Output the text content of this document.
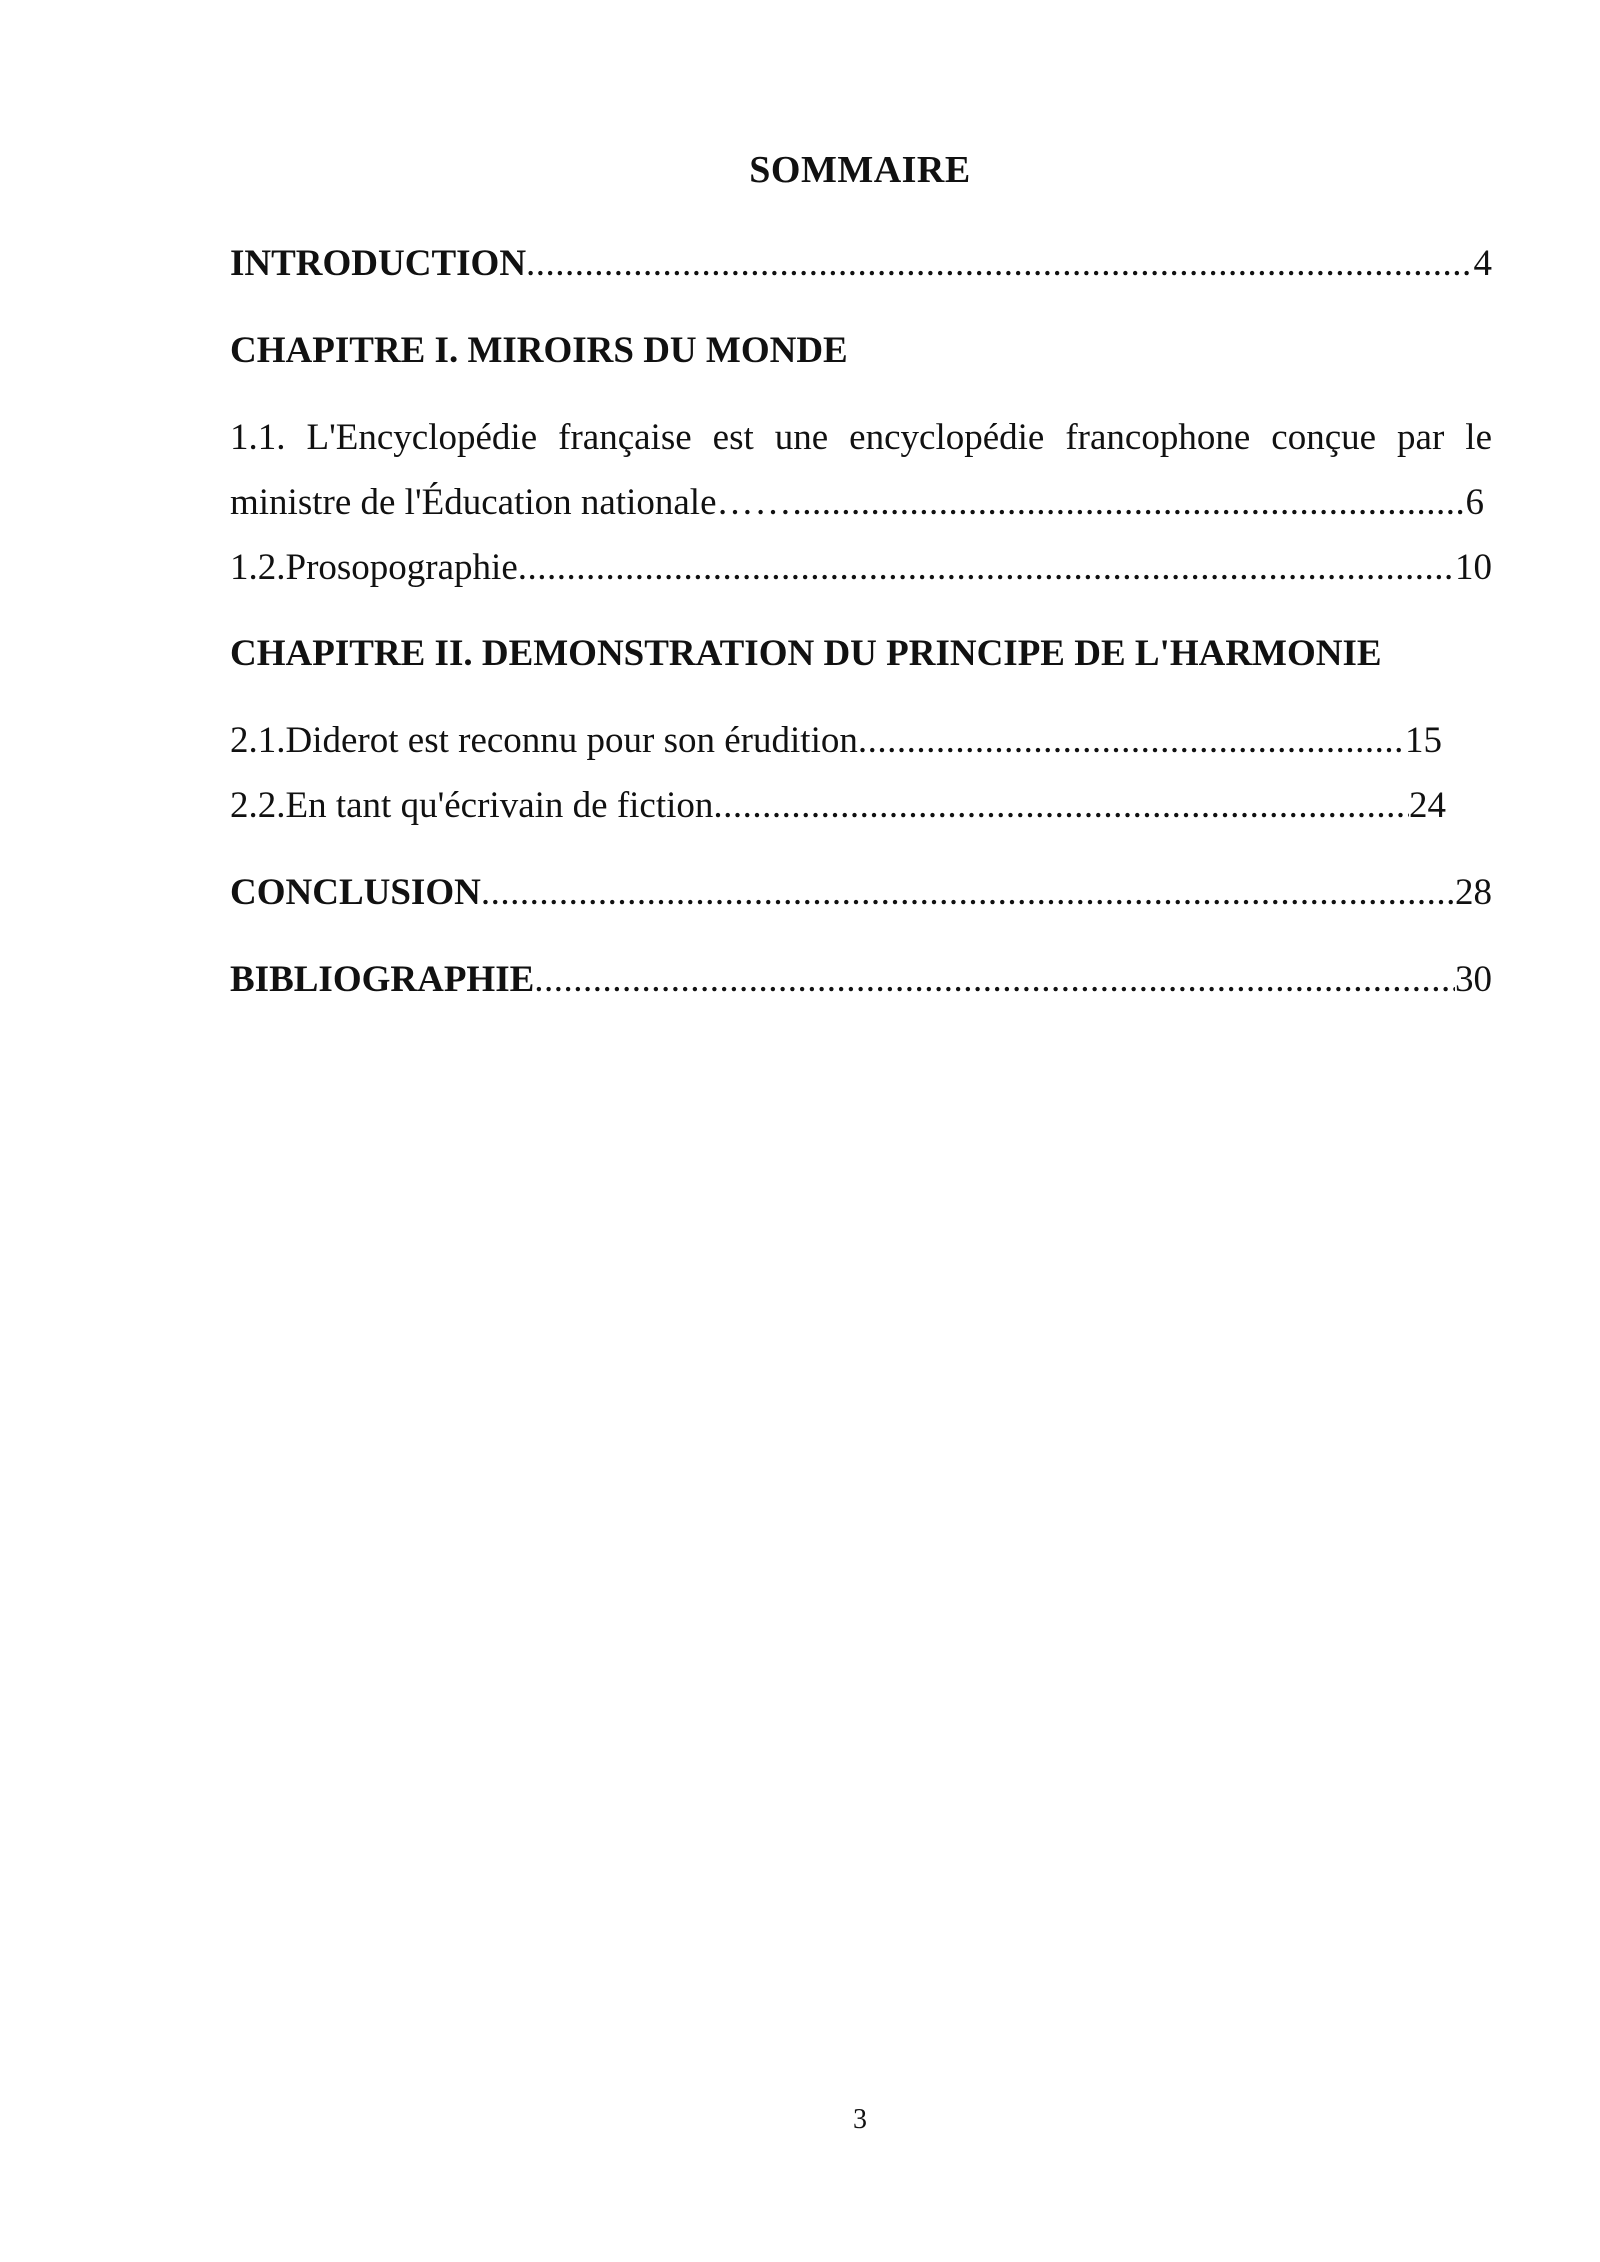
SOMMAIRE
INTRODUCTION .....	4
CHAPITRE I. MIROIRS DU MONDE
1.1. L'Encyclopédie française est une encyclopédie francophone conçue par le
ministre de l'Éducation nationale …… .....	6
1.2.Prosopographie .....	10
CHAPITRE II. DEMONSTRATION DU PRINCIPE DE L'HARMONIE
2.1.Diderot est reconnu pour son érudition .....	15
2.2.En tant qu'écrivain de fiction .....	24
CONCLUSION .....	28
BIBLIOGRAPHIE .....	30
3
